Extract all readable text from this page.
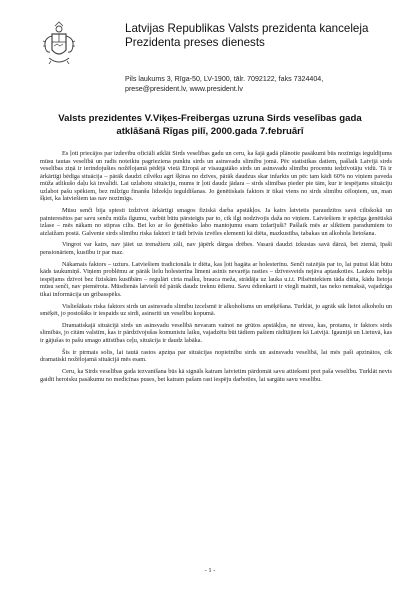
Latvijas Republikas Valsts prezidenta kanceleja
Prezidenta preses dienests
Pils laukums 3, Rīga-50, LV-1900, tālr. 7092122, faks 7324404,
prese@president.lv, www.president.lv
Valsts prezidentes V.Viķes-Freibergas uzruna Sirds veselības gada
atklāšanā Rīgas pilī, 2000.gada 7.februārī

Es ļoti priecājos par izdevību oficiāli atklāt Sirds veselības gadu un ceru, ka šajā gadā plānotie pasākumi būs nozīmīgs ieguldījums mūsu tautas veselībā un radīs noteiktu pagrieziena punktu sirds un asinsvadu slimību jomā. Pēc statistikas datiem, pašlaik Latvijā sirds veselības ziņā ir ierindojušies nožēlojamā pēdējā vietā Eiropā ar visaugstāko sirds un asinsvadu slimību procentu iedzīvotāju vidū. Tā ir ārkārtīgi bēdīga situācija – pārāk daudzi cilvēku agri šķiras no dzīves, pārāk daudzus skar infarkts un pēc tam kādi 60% no viņiem paveda mūža atlikušo daļu kā invalīdi. Lai uzlabotu situāciju, mums ir ļoti daudz jādara – sirds slimības pieder pie tām, kur ir iespējams situāciju uzlabot pašu spēkiem, bez milzīgu finanšu līdzekļu ieguldīšanas. Jo ģenētiskais faktors ir tikai viens no sirds slimību cēloņiem, un, man šķiet, ka latviešiem tas nav nozīmīgs.

Mūsu senči bija spiesti izdzīvot ārkārtīgi smagos fiziskā darba apstākļos. Ja katrs latvietis paraudzītos savā ciltskokā un painteresētos par savu senču mūža ilgumu, varbūt būtu pārsteigts par to, cik ilgi nodzīvojis daža no viņiem. Latviešiem ir spēcīga ģenētiskā izlase – mēs nākam no stipras cilts. Bet ko ar šo ģenētisko labo mantojumu esam izdarījuši? Pašlaik mēs ar slikt​iem paradumiem to aizlaižam postā. Galvenie sirds slimību riska faktori ir tādi brīvās izvēles elementi kā diēta, mazkustība, tabakas un alkohola lietošana.

Vingrot var katrs, nav jāiet uz trenažieru zāli, nav jāpērk dārgas drēbes. Vasarā daudzi izkustas savā dārzā, bet ziemā, īpaši pensionāriem, kustību ir par maz.

Nākamais faktors – uzturs. Latviešiem tradicionāla ir diēta, kas ļoti bagāta ar holesterīnu. Senči raizējās par to, lai putrai klāt būtu kāds taukumiņš. Viņiem problēmu ar pārāk lielu holesterīna līmeni asinīs nevarēja rasties – dzīvesveids nejāva aptaukoties. Laukos nebija iespējams dzīvot bez fiziskām kustībām – regulāri cirta malku, brauca meža, strādāja uz lauka u.t.t. Pilsētniekiem tāda diēta, kādu lietoja mūsu senči, nav piemērota. Mūsdienās latvieši ēd pārāk daudz treknu ēdienu. Savu ēdienkarti ir viegli mainīt, tas neko nemaksā, vajadzīga tikai informācija un gribasspēks.

Visliešākais riska faktors sirds un asinsvadu slimību izcelsmē ir alkoholisms un smēķēšana. Turklāt, jo agrāk sāk lietot alkoholu un smēķēt, jo postošāks ir iespaids uz sirdi, asinsriti un veselību kopumā.

Dramatiskajā situācijā sirds un asinsvadu veselībā nevaram vainot ne grūtos apstākļus, ne stresu, kas, protams, ir faktors sirds slimībās, jo citām valstīm, kas ir pārdzīvojušas komunistu laiku, vajadzētu būt tādiem pašiem rādītājiem kā Latvijā. Igaunijā un Lietuvā, kas ir gājušas to pašu smago attīstības ceļu, situācija ir daudz labāka.

Šis ir pirmais solis, lai tautā rastos apziņa par situācijas nopietnību sirds un asinsvadu veselībā, lai mēs paši apzinātos, cik dramatiski nožēlojamā situācijā mēs esam.

Ceru, ka Sirds veselības gada iezvanīšana būs kā signāls katram latvietim pārdomāt savu attieksmi pret paša veselību. Turklāt nevis gaidīt heroisku pasākumu no medicīnas puses, bet katram pašam rast iespēju darboties, lai sargātu savu veselību.

- 1 -
